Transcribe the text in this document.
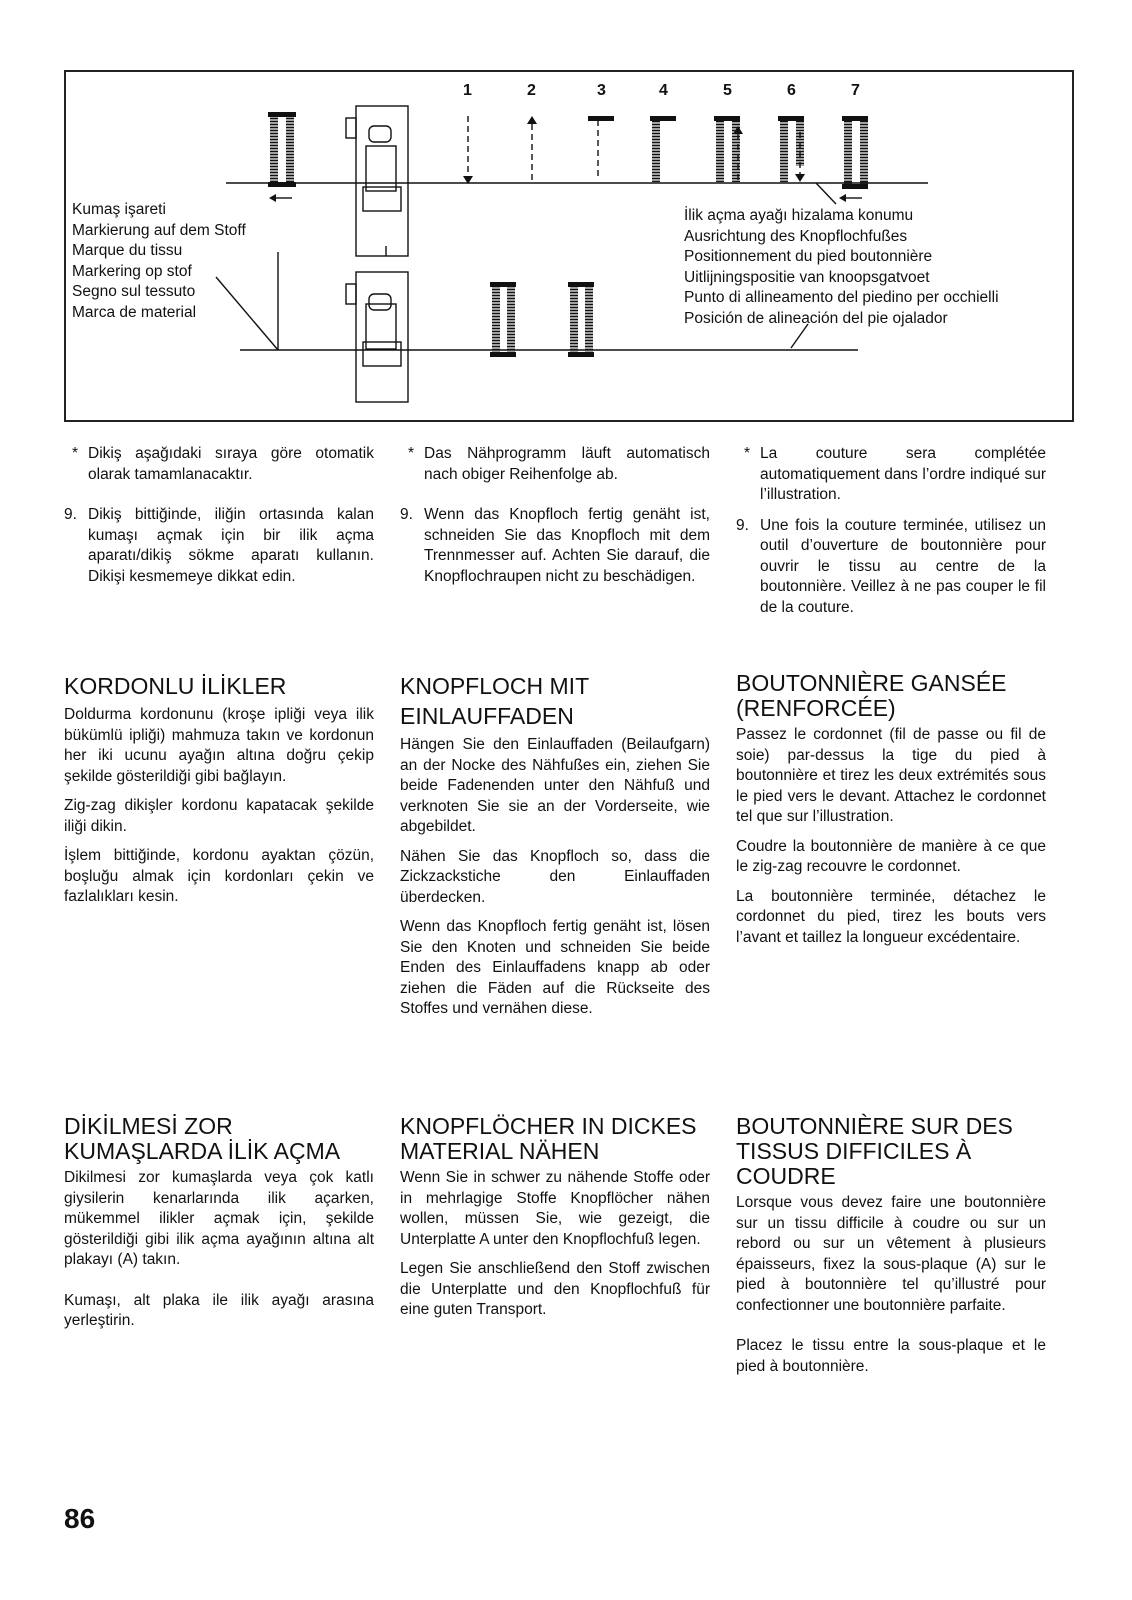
1	2	3	4	5	6	7
Kumaş işareti
Markierung auf dem Stoff
Marque du tissu
Markering op stof
Segno sul tessuto
Marca de material
İlik açma ayağı hizalama konumu
Ausrichtung des Knopflochfußes
Positionnement du pied boutonnière
Uitlijningspositie van knoopsgatvoet
Punto di allineamento del piedino per occhielli
Posición de alineación del pie ojalador

* Dikiş aşağıdaki sıraya göre otomatik olarak tamamlanacaktır.

9. Dikiş bittiğinde, iliğin ortasında kalan kumaşı açmak için bir ilik açma aparatı/dikiş sökme aparatı kullanın. Dikişi kesmemeye dikkat edin.

KORDONLU İLİKLER

Doldurma kordonunu (kroşe ipliği veya ilik bükümlü ipliği) mahmuza takın ve kordonun her iki ucunu ayağın altına doğru çekip şekilde gösterildiği gibi bağlayın.

Zig-zag dikişler kordonu kapatacak şekilde iliği dikin.

İşlem bittiğinde, kordonu ayaktan çözün, boşluğu almak için kordonları çekin ve fazlalıkları kesin.

DİKİLMESİ ZOR KUMAŞLARDA İLİK AÇMA

Dikilmesi zor kumaşlarda veya çok katlı giysilerin kenarlarında ilik açarken, mükemmel ilikler açmak için, şekilde gösterildiği gibi ilik açma ayağının altına alt plakayı (A) takın.

Kumaşı, alt plaka ile ilik ayağı arasına yerleştirin.

* Das Nähprogramm läuft automatisch nach obiger Reihenfolge ab.

9. Wenn das Knopfloch fertig genäht ist, schneiden Sie das Knopfloch mit dem Trennmesser auf. Achten Sie darauf, die Knopflochraupen nicht zu beschädigen.

KNOPFLOCH MIT EINLAUFFADEN

Hängen Sie den Einlauffaden (Beilaufgarn) an der Nocke des Nähfußes ein, ziehen Sie beide Fadenenden unter den Nähfuß und verknoten Sie sie an der Vorderseite, wie abgebildet.

Nähen Sie das Knopfloch so, dass die Zickzackstiche den Einlauffaden überdecken.

Wenn das Knopfloch fertig genäht ist, lösen Sie den Knoten und schneiden Sie beide Enden des Einlauffadens knapp ab oder ziehen die Fäden auf die Rückseite des Stoffes und vernähen diese.

KNOPFLÖCHER IN DICKES MATERIAL NÄHEN

Wenn Sie in schwer zu nähende Stoffe oder in mehrlagige Stoffe Knopflöcher nähen wollen, müssen Sie, wie gezeigt, die Unterplatte A unter den Knopflochfuß legen.

Legen Sie anschließend den Stoff zwischen die Unterplatte und den Knopflochfuß für eine guten Transport.

* La couture sera complétée automatiquement dans l’ordre indiqué sur l’illustration.

9. Une fois la couture terminée, utilisez un outil d’ouverture de boutonnière pour ouvrir le tissu au centre de la boutonnière. Veillez à ne pas couper le fil de la couture.

BOUTONNIÈRE GANSÉE (RENFORCÉE)

Passez le cordonnet (fil de passe ou fil de soie) par-dessus la tige du pied à boutonnière et tirez les deux extrémités sous le pied vers le devant. Attachez le cordonnet tel que sur l’illustration.

Coudre la boutonnière de manière à ce que le zig-zag recouvre le cordonnet.

La boutonnière terminée, détachez le cordonnet du pied, tirez les bouts vers l’avant et taillez la longueur excédentaire.

BOUTONNIÈRE SUR DES TISSUS DIFFICILES À COUDRE

Lorsque vous devez faire une boutonnière sur un tissu difficile à coudre ou sur un rebord ou sur un vêtement à plusieurs épaisseurs, fixez la sous-plaque (A) sur le pied à boutonnière tel qu’illustré pour confectionner une boutonnière parfaite.

Placez le tissu entre la sous-plaque et le pied à boutonnière.

86
